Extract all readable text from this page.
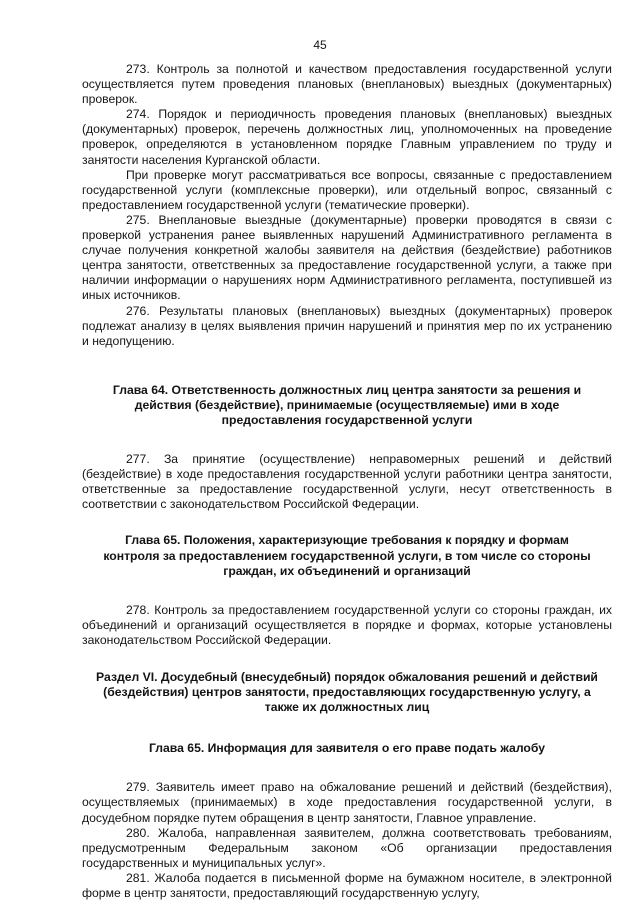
45

273. Контроль за полнотой и качеством предоставления государственной услуги осуществляется путем проведения плановых (внеплановых) выездных (документарных) проверок.

274. Порядок и периодичность проведения плановых (внеплановых) выездных (документарных) проверок, перечень должностных лиц, уполномоченных на проведение проверок, определяются в установленном порядке Главным управлением по труду и занятости населения Курганской области.

При проверке могут рассматриваться все вопросы, связанные с предоставлением государственной услуги (комплексные проверки), или отдельный вопрос, связанный с предоставлением государственной услуги (тематические проверки).

275. Внеплановые выездные (документарные) проверки проводятся в связи с проверкой устранения ранее выявленных нарушений Административного регламента в случае получения конкретной жалобы заявителя на действия (бездействие) работников центра занятости, ответственных за предоставление государственной услуги, а также при наличии информации о нарушениях норм Административного регламента, поступившей из иных источников.

276. Результаты плановых (внеплановых) выездных (документарных) проверок подлежат анализу в целях выявления причин нарушений и принятия мер по их устранению и недопущению.

Глава 64. Ответственность должностных лиц центра занятости за решения и действия (бездействие), принимаемые (осуществляемые) ими в ходе предоставления государственной услуги

277. За принятие (осуществление) неправомерных решений и действий (бездействие) в ходе предоставления государственной услуги работники центра занятости, ответственные за предоставление государственной услуги, несут ответственность в соответствии с законодательством Российской Федерации.

Глава 65. Положения, характеризующие требования к порядку и формам контроля за предоставлением государственной услуги, в том числе со стороны граждан, их объединений и организаций

278. Контроль за предоставлением государственной услуги со стороны граждан, их объединений и организаций осуществляется в порядке и формах, которые установлены законодательством Российской Федерации.

Раздел VI. Досудебный (внесудебный) порядок обжалования решений и действий (бездействия) центров занятости, предоставляющих государственную услугу, а также их должностных лиц

Глава 65. Информация для заявителя о его праве подать жалобу

279. Заявитель имеет право на обжалование решений и действий (бездействия), осуществляемых (принимаемых) в ходе предоставления государственной услуги, в досудебном порядке путем обращения в центр занятости, Главное управление.

280. Жалоба, направленная заявителем, должна соответствовать требованиям, предусмотренным Федеральным законом «Об организации предоставления государственных и муниципальных услуг».

281. Жалоба подается в письменной форме на бумажном носителе, в электронной форме в центр занятости, предоставляющий государственную услугу,
